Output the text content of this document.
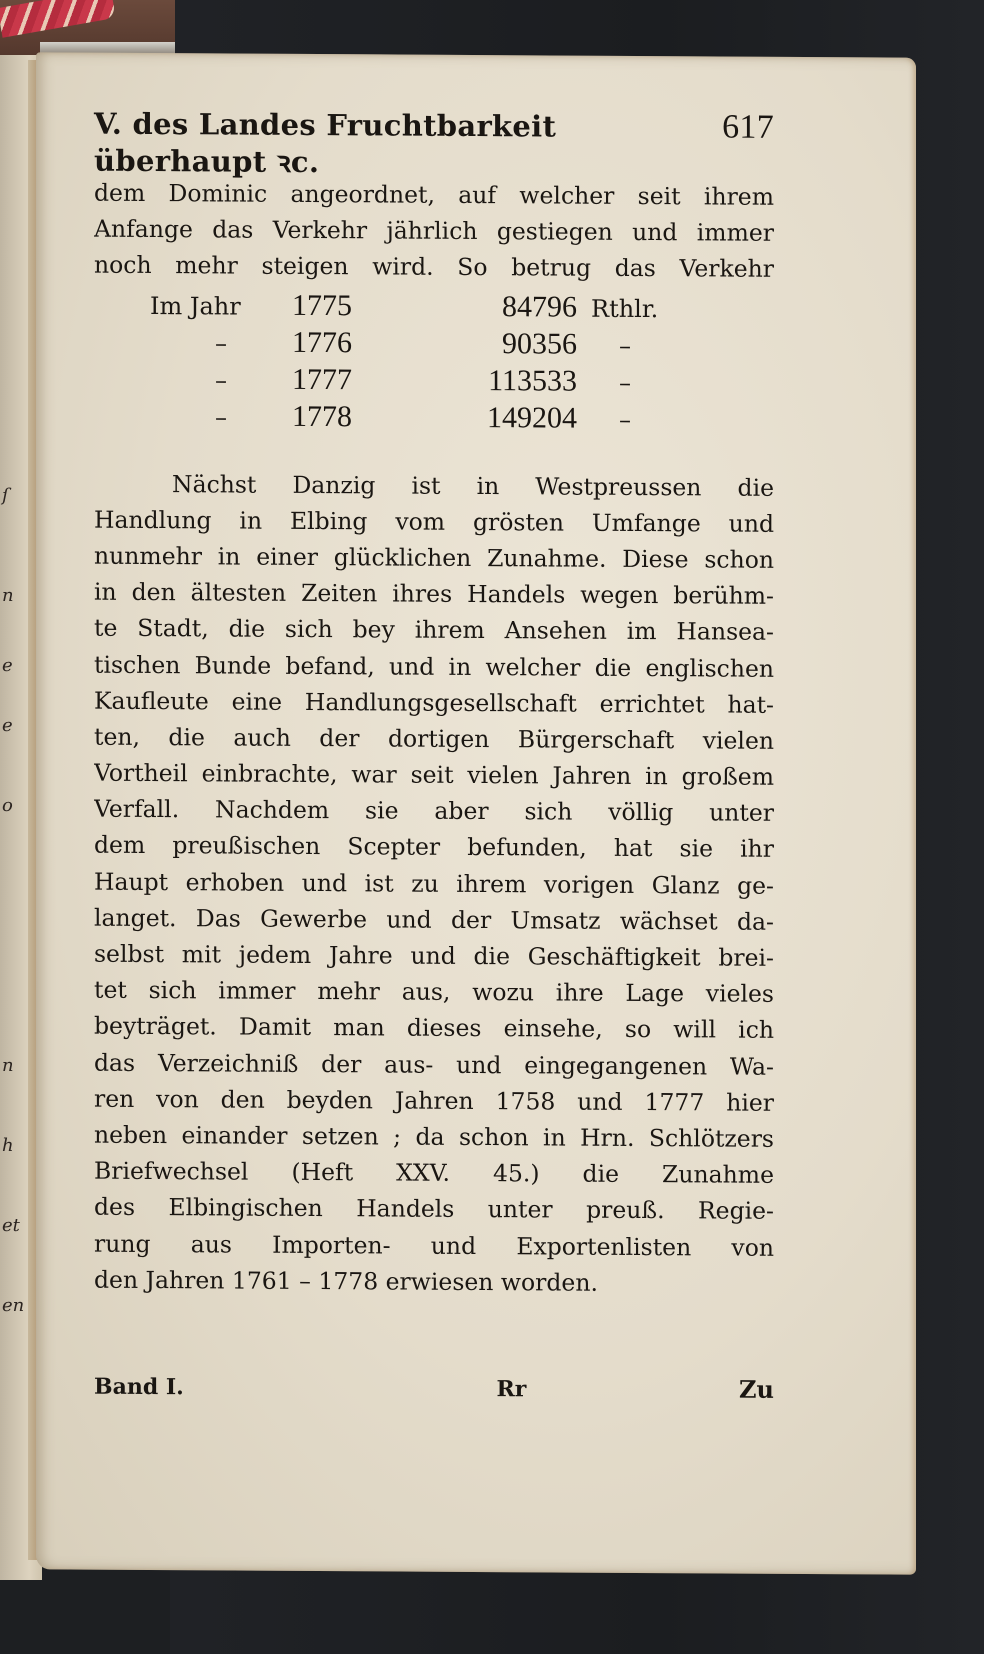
ſ
n
e
e
o
n
h
et
en
V. des Landes Fruchtbarkeit überhaupt ꝛc.
617
dem Dominic angeordnet, auf welcher seit ihrem
Anfange das Verkehr jährlich gestiegen und immer
noch mehr steigen wird. So betrug das Verkehr
Im Jahr	1775	84796	Rthlr.
–	1776	90356	–
–	1777	113533	–
–	1778	149204	–
Nächst Danzig ist in Westpreussen die
Handlung in Elbing vom grösten Umfange und
nunmehr in einer glücklichen Zunahme. Diese schon
in den ältesten Zeiten ihres Handels wegen berühm-
te Stadt, die sich bey ihrem Ansehen im Hansea-
tischen Bunde befand, und in welcher die englischen
Kaufleute eine Handlungsgesellschaft errichtet hat-
ten, die auch der dortigen Bürgerschaft vielen
Vortheil einbrachte, war seit vielen Jahren in großem
Verfall. Nachdem sie aber sich völlig unter
dem preußischen Scepter befunden, hat sie ihr
Haupt erhoben und ist zu ihrem vorigen Glanz ge-
langet. Das Gewerbe und der Umsatz wächset da-
selbst mit jedem Jahre und die Geschäftigkeit brei-
tet sich immer mehr aus, wozu ihre Lage vieles
beyträget. Damit man dieses einsehe, so will ich
das Verzeichniß der aus- und eingegangenen Wa-
ren von den beyden Jahren 1758 und 1777 hier
neben einander setzen ; da schon in Hrn. Schlötzers
Briefwechsel (Heft XXV. 45.) die Zunahme
des Elbingischen Handels unter preuß. Regie-
rung aus Importen- und Exportenlisten von
den Jahren 1761 – 1778 erwiesen worden.
Band I.	Rr	Zu
